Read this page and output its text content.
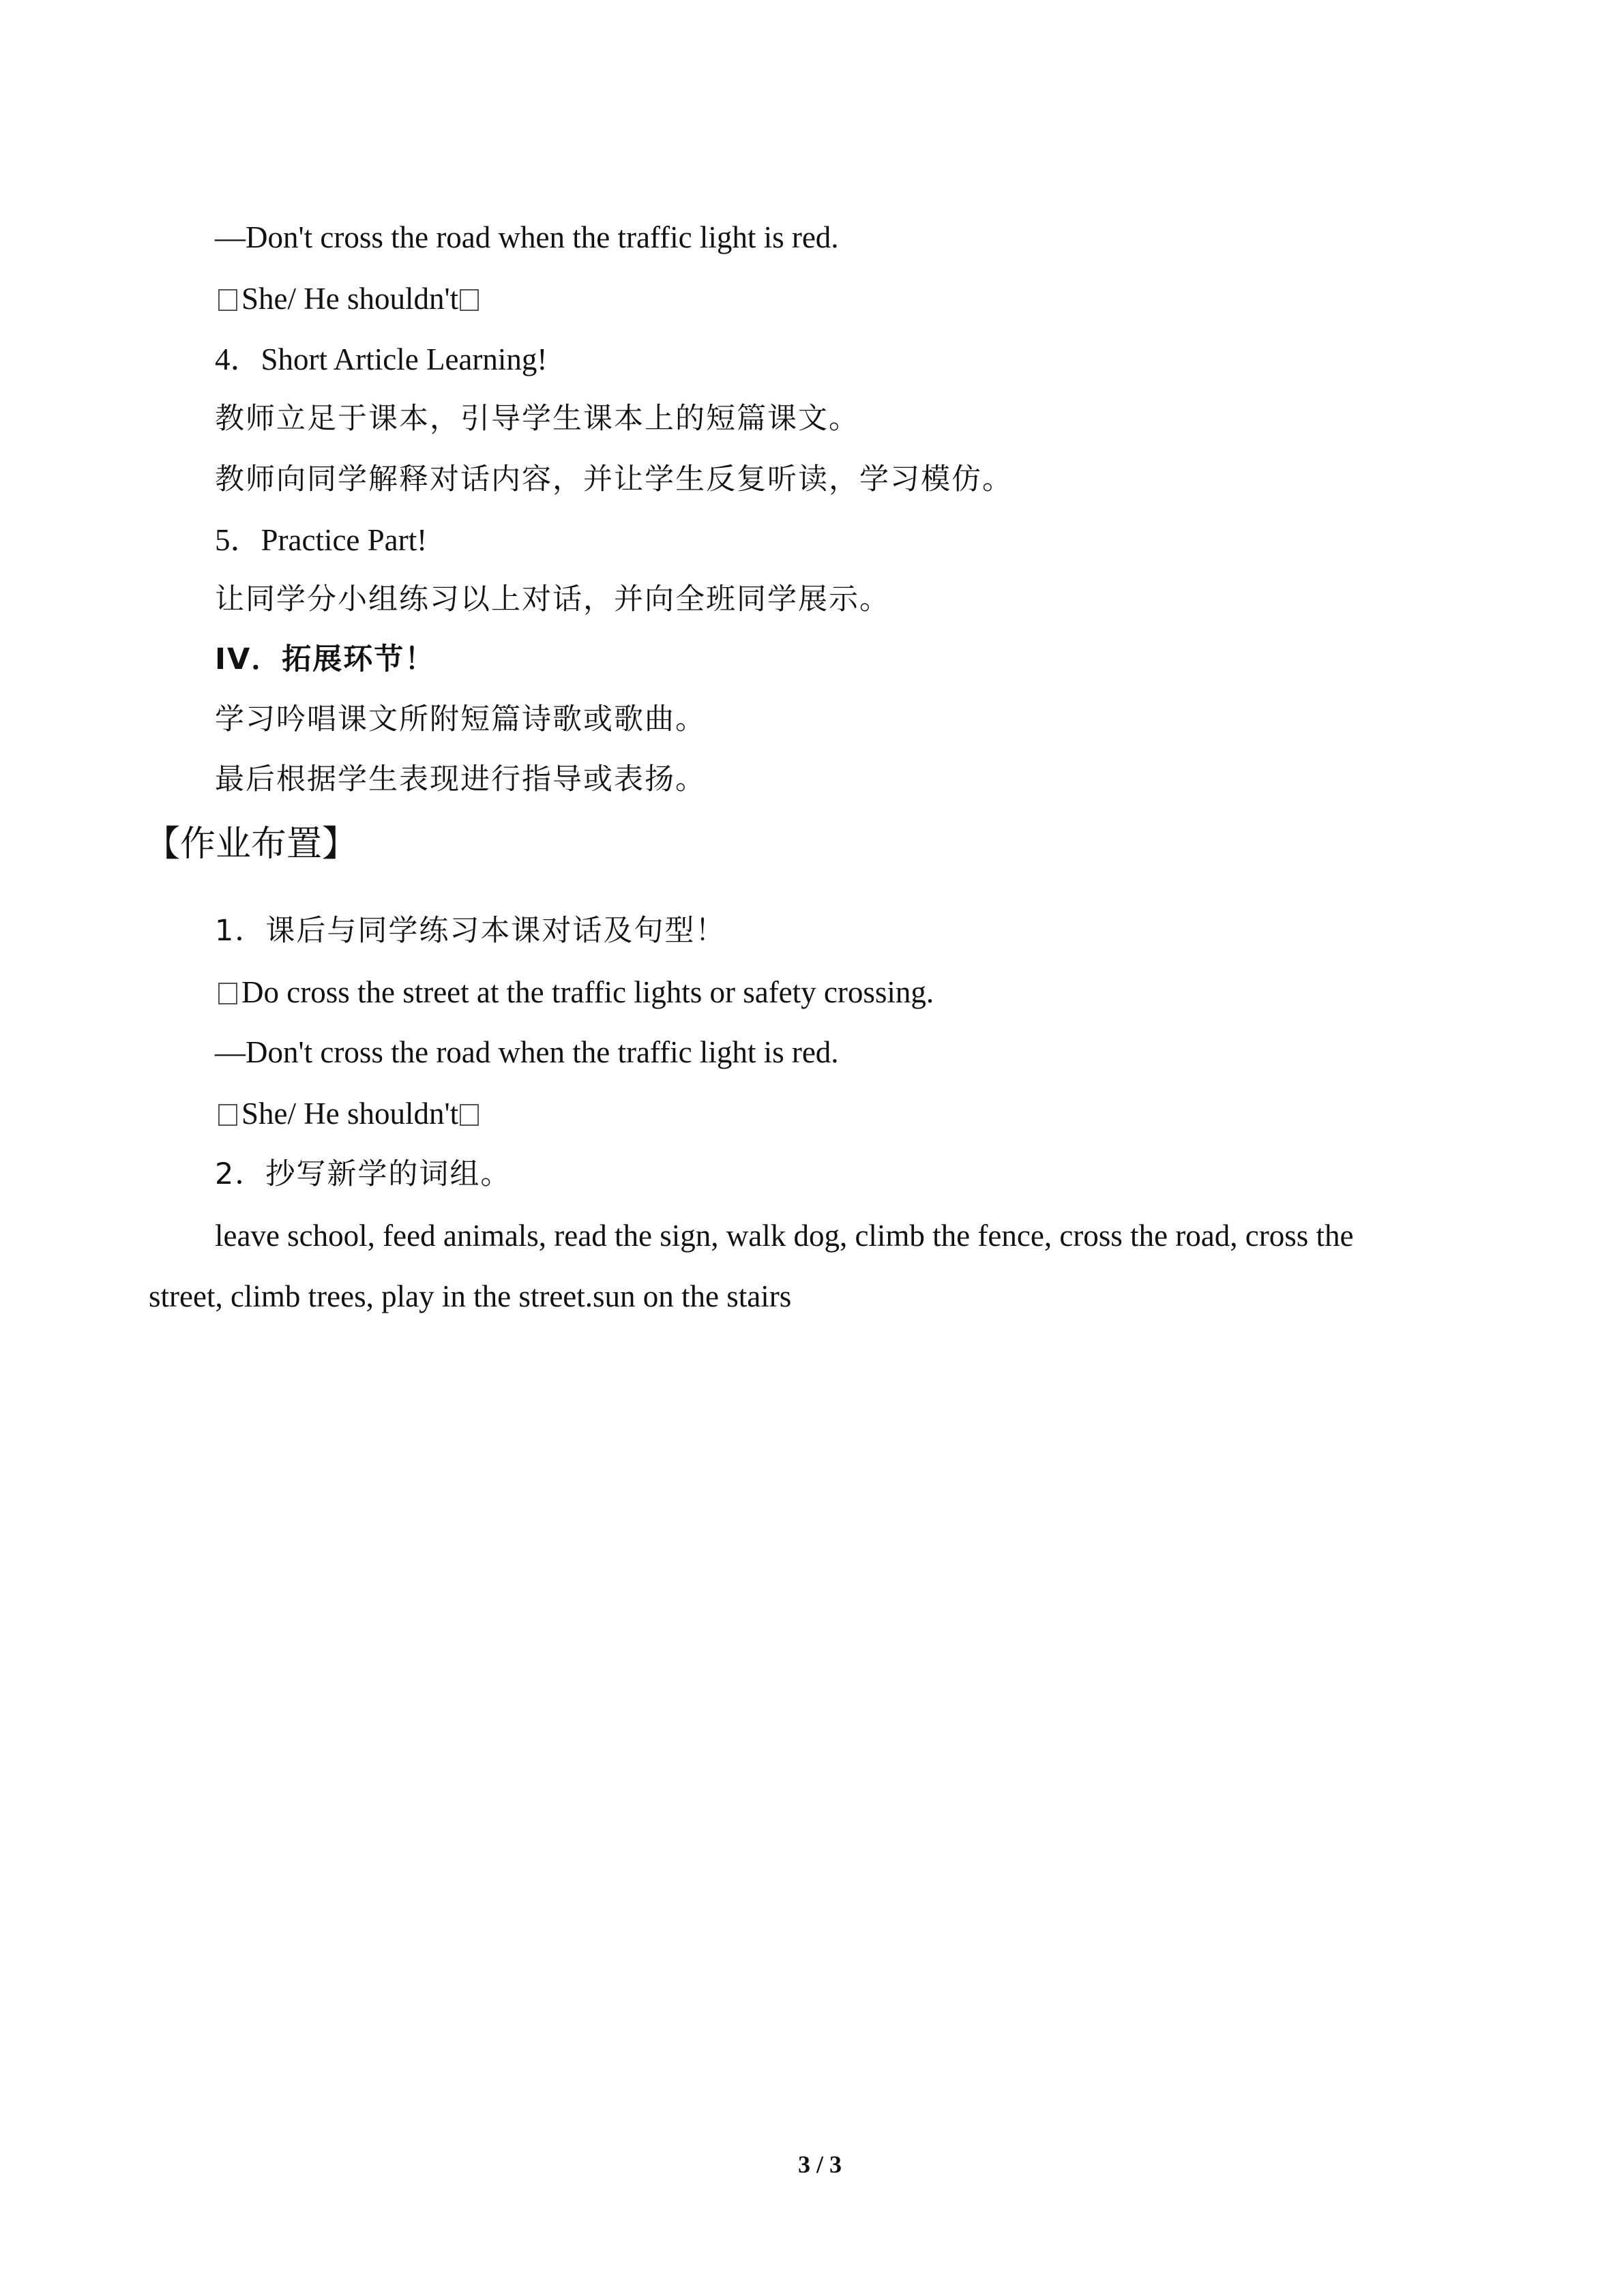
—Don't cross the road when the traffic light is red.
She/ He shouldn't
4．Short Article Learning!
教师立足于课本，引导学生课本上的短篇课文。
教师向同学解释对话内容，并让学生反复听读，学习模仿。
5．Practice Part!
让同学分小组练习以上对话，并向全班同学展示。
IV．拓展环节！
学习吟唱课文所附短篇诗歌或歌曲。
最后根据学生表现进行指导或表扬。
【作业布置】
1．课后与同学练习本课对话及句型！
Do cross the street at the traffic lights or safety crossing.
—Don't cross the road when the traffic light is red.
She/ He shouldn't
2．抄写新学的词组。
leave school, feed animals, read the sign, walk dog, climb the fence, cross the road, cross the
street, climb trees, play in the street.sun on the stairs
3 / 3
